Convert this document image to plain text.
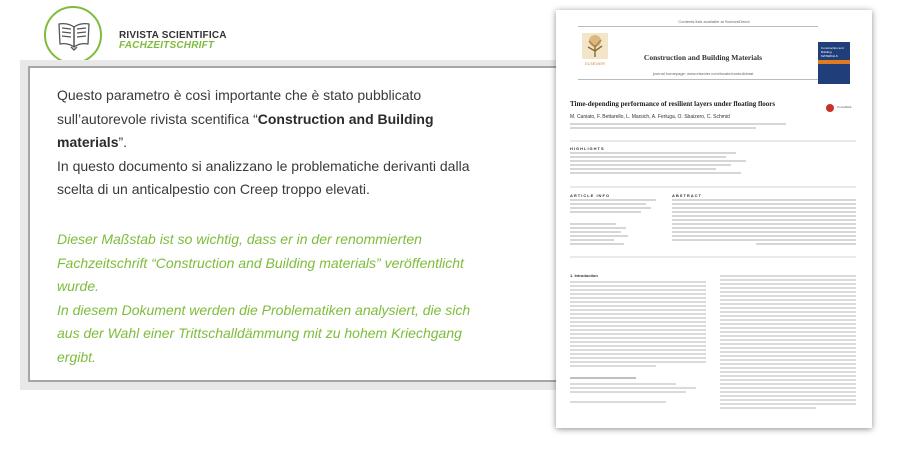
RIVISTA SCIENTIFICA
FACHZEITSCHRIFT
Questo parametro è così importante che è stato pubblicato sull’autorevole rivista scentifica “Construction and Building materials”.
In questo documento si analizzano le problematiche derivanti dalla scelta di un anticalpestio con Creep troppo elevati.
Dieser Maßstab ist so wichtig, dass er in der renommierten Fachzeitschrift “Construction and Building materials” veröffentlicht wurde.
In diesem Dokument werden die Problematiken analysiert, die sich aus der Wahl einer Trittschalldämmung mit zu hohem Kriechgang ergibt.
Contents lists available at ScienceDirect
ELSEVIER
Construction and Building Materials
journal homepage: www.elsevier.com/locate/conbuildmat
Construction and Building MATERIALS
Time-depending performance of resilient layers under floating floors
M. Caniato, F. Bettarello, L. Marsich, A. Ferluga, O. Sbaizero, C. Schmid
CrossMark
HIGHLIGHTS
ARTICLE INFO	ABSTRACT
1. Introduction
